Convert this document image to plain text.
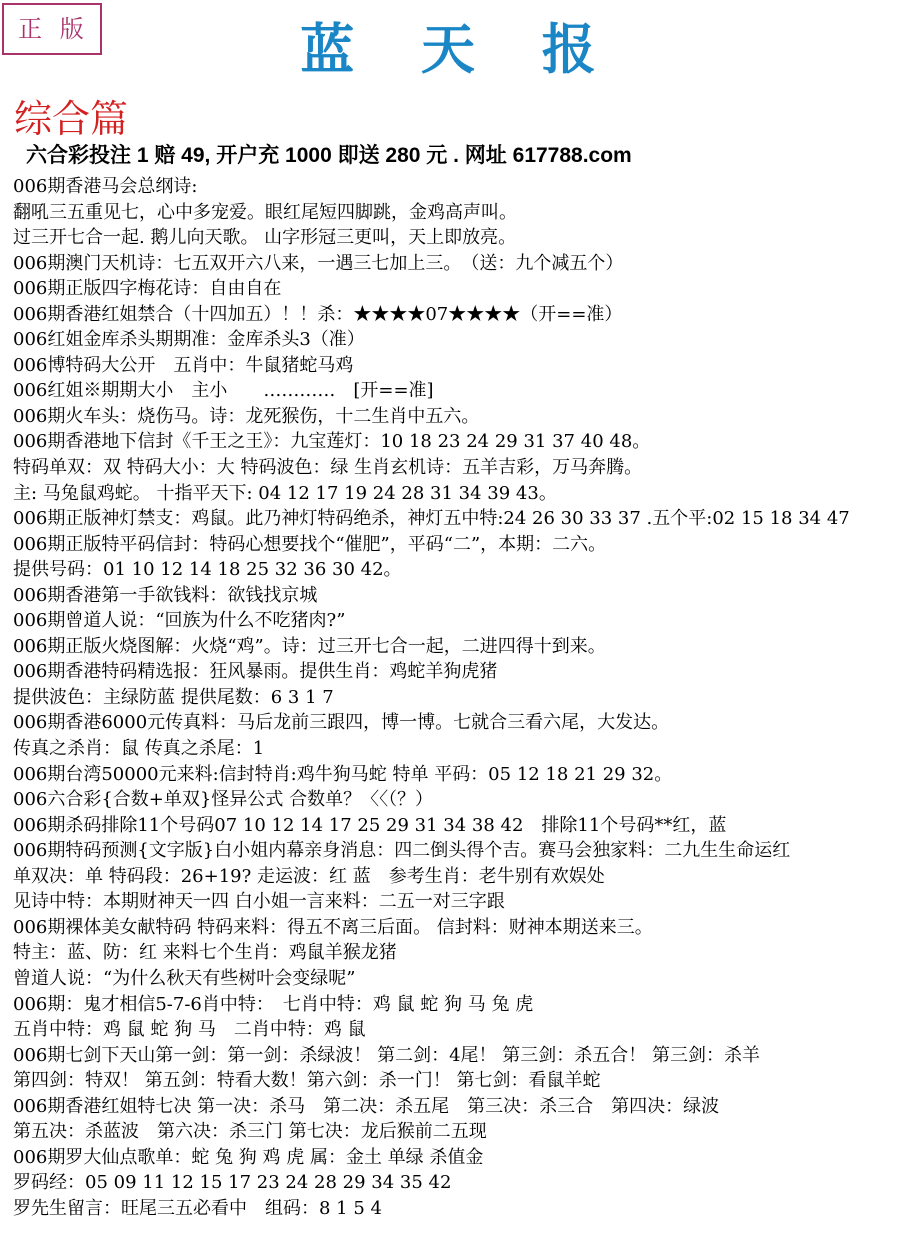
正 版	蓝 天 报
综合篇
六合彩投注 1 赔 49, 开户充 1000 即送 280 元 . 网址 617788.com
006期香港马会总纲诗:
翻吼三五重见七，心中多宠爱。眼红尾短四脚跳，金鸡高声叫。
过三开七合一起. 鹅儿向天歌。 山字形冠三更叫，天上即放亮。
006期澳门天机诗：七五双开六八来，一遇三七加上三。　（送：九个减五个）
006期正版四字梅花诗：自由自在
006期香港红姐禁合（十四加五）！！杀：★★★★07★★★★（开==准）
006红姐金库杀头期期准：金库杀头3（准）
006博特码大公开　五肖中：牛鼠猪蛇马鸡
006红姐※期期大小　主小　　…………　[开==准]
006期火车头：烧伤马。诗：龙死猴伤，十二生肖中五六。
006期香港地下信封《千王之王》：九宝莲灯：10 18 23 24 29 31 37 40 48。
特码单双：双 特码大小：大 特码波色：绿 生肖玄机诗：五羊吉彩，万马奔腾。
主: 马兔鼠鸡蛇。 十指平天下: 04 12 17 19 24 28 31 34 39 43。
006期正版神灯禁支：鸡鼠。此乃神灯特码绝杀，神灯五中特:24 26 30 33 37 .五个平:02 15 18 34 47
006期正版特平码信封：特码心想要找个“催肥”，平码“二”，本期：二六。
提供号码：01 10 12 14 18 25 32 36 30 42。
006期香港第一手欲钱料：欲钱找京城
006期曾道人说：“回族为什么不吃猪肉?”
006期正版火烧图解：火烧“鸡”。诗：过三开七合一起，二进四得十到来。
006期香港特码精选报：狂风暴雨。提供生肖：鸡蛇羊狗虎猪
提供波色：主绿防蓝 提供尾数：6 3 1 7
006期香港6000元传真料：马后龙前三跟四，博一博。七就合三看六尾，大发达。
传真之杀肖：鼠 传真之杀尾：1
006期台湾50000元来料:信封特肖:鸡牛狗马蛇 特单 平码：05 12 18 21 29 32。
006六合彩{合数+单双}怪异公式 合数单？〈〈（？）
006期杀码排除11个号码07 10 12 14 17 25 29 31 34 38 42　排除11个号码**红，蓝
006期特码预测{文字版}白小姐内幕亲身消息：四二倒头得个吉。赛马会独家料：二九生生命运红
单双决：单 特码段：26+19? 走运波：红 蓝　参考生肖：老牛别有欢娱处
见诗中特：本期财神天一四 白小姐一言来料：二五一对三字跟
006期裸体美女献特码 特码来料：得五不离三后面。 信封料：财神本期送来三。
特主：蓝、防：红 来料七个生肖：鸡鼠羊猴龙猪
曾道人说：“为什么秋天有些树叶会变绿呢”
006期：鬼才相信5-7-6肖中特：　七肖中特：鸡 鼠 蛇 狗 马 兔 虎
五肖中特：鸡 鼠 蛇 狗 马　二肖中特：鸡 鼠
006期七剑下天山第一剑：第一剑：杀绿波！ 第二剑：4尾！ 第三剑：杀五合！ 第三剑：杀羊
第四剑：特双！ 第五剑：特看大数！第六剑：杀一门！ 第七剑：看鼠羊蛇
006期香港红姐特七决 第一决：杀马　第二决：杀五尾　第三决：杀三合　第四决：绿波
第五决：杀蓝波　第六决：杀三门 第七决：龙后猴前二五现
006期罗大仙点歌单：蛇 兔 狗 鸡 虎 属：金土 单绿 杀值金
罗码经：05 09 11 12 15 17 23 24 28 29 34 35 42
罗先生留言：旺尾三五必看中　组码：8 1 5 4
